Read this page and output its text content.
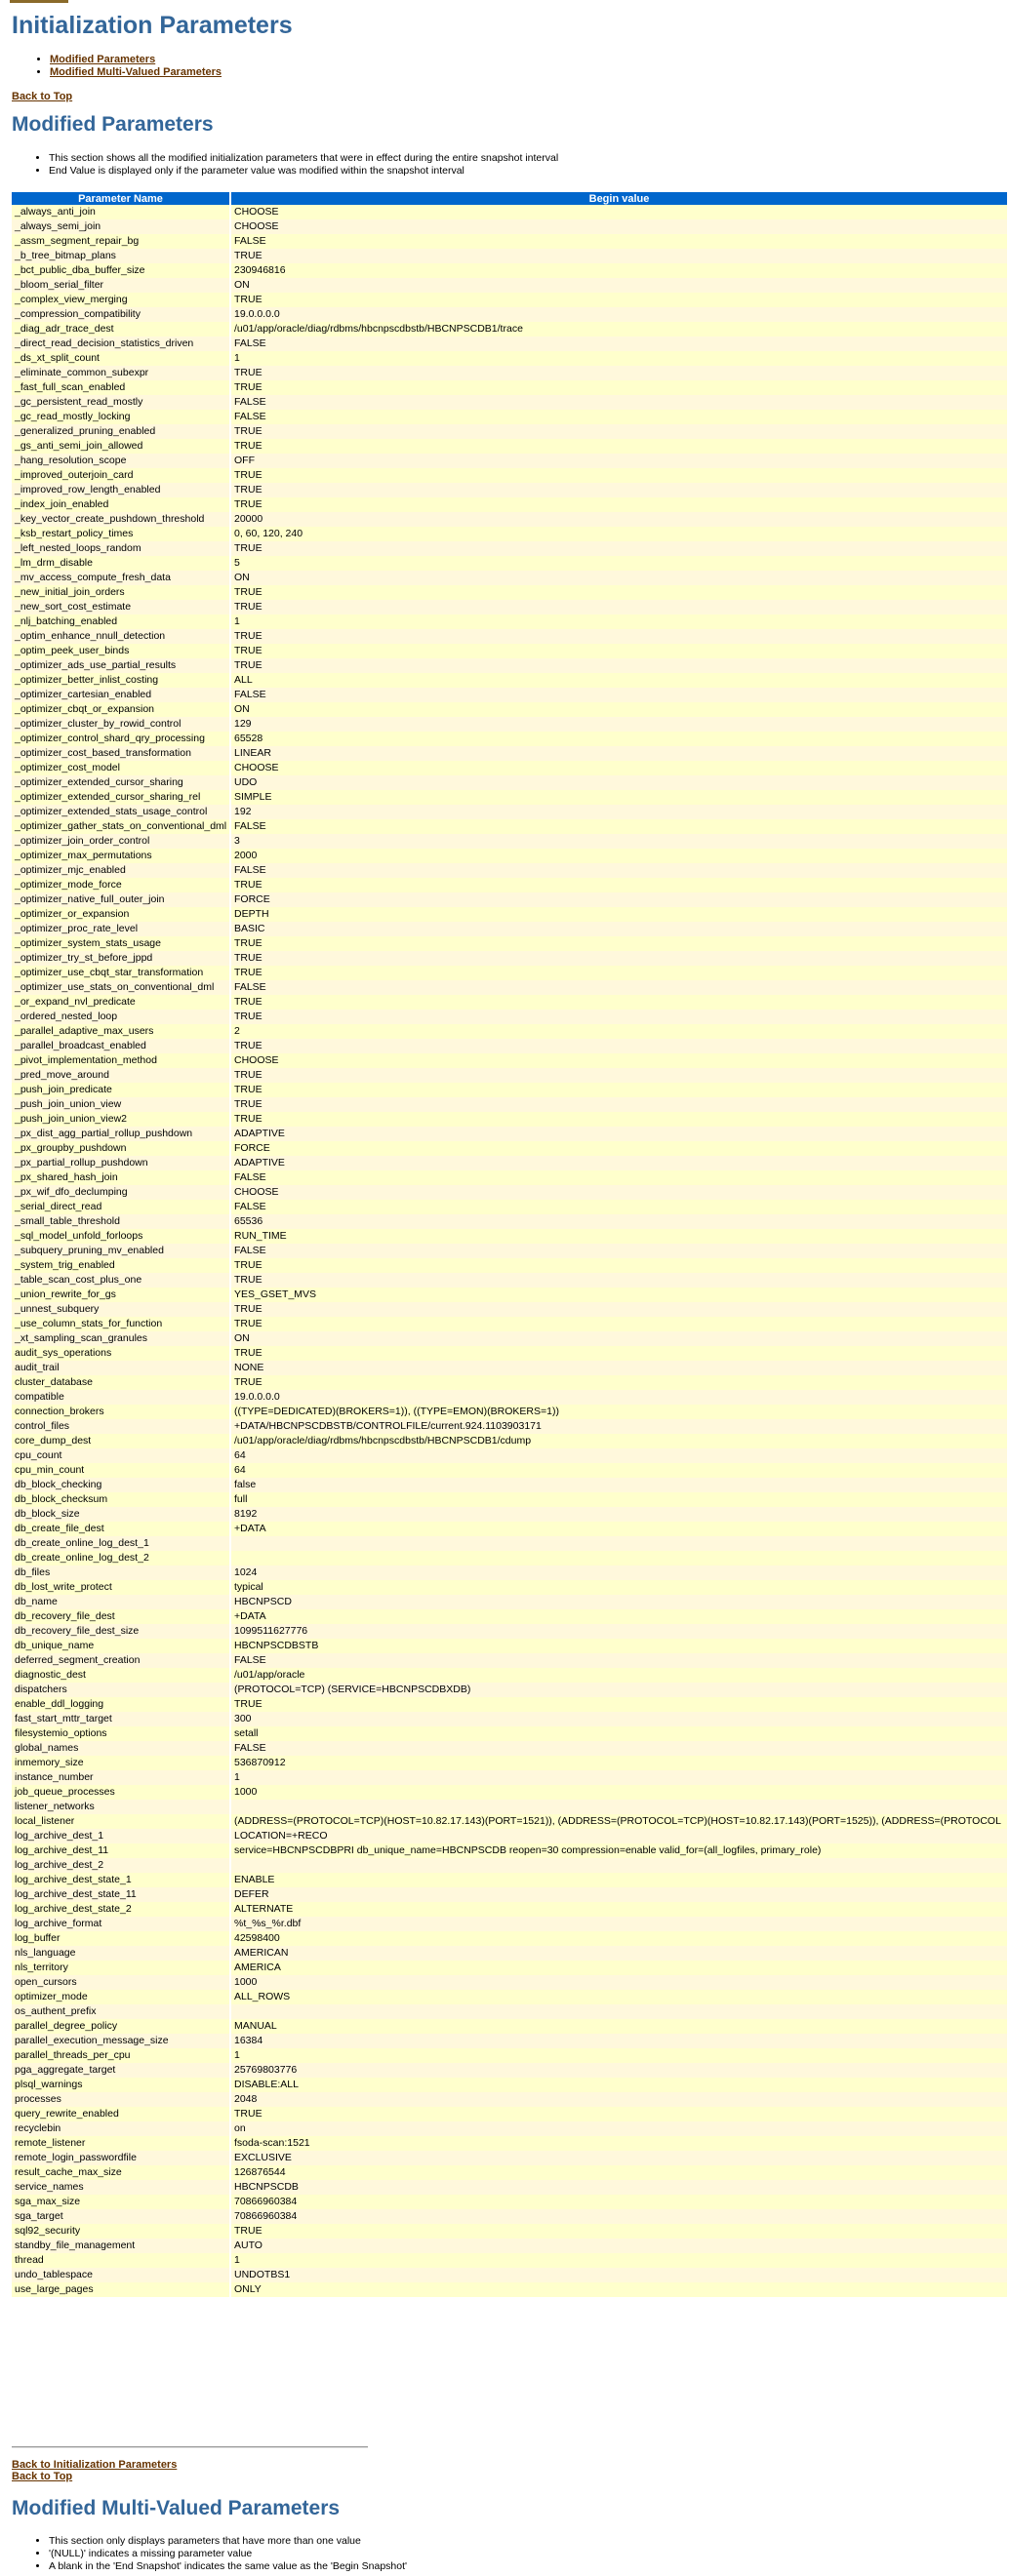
Initialization Parameters
• Modified Parameters
• Modified Multi-Valued Parameters
Back to Top
Modified Parameters
• This section shows all the modified initialization parameters that were in effect during the entire snapshot interval
• End Value is displayed only if the parameter value was modified within the snapshot interval
Parameter Name	Begin value
_always_anti_join	CHOOSE
_always_semi_join	CHOOSE
_assm_segment_repair_bg	FALSE
_b_tree_bitmap_plans	TRUE
_bct_public_dba_buffer_size	230946816
_bloom_serial_filter	ON
_complex_view_merging	TRUE
_compression_compatibility	19.0.0.0.0
_diag_adr_trace_dest	/u01/app/oracle/diag/rdbms/hbcnpscdbstb/HBCNPSCDB1/trace
_direct_read_decision_statistics_driven	FALSE
_ds_xt_split_count	1
_eliminate_common_subexpr	TRUE
_fast_full_scan_enabled	TRUE
_gc_persistent_read_mostly	FALSE
_gc_read_mostly_locking	FALSE
_generalized_pruning_enabled	TRUE
_gs_anti_semi_join_allowed	TRUE
_hang_resolution_scope	OFF
_improved_outerjoin_card	TRUE
_improved_row_length_enabled	TRUE
_index_join_enabled	TRUE
_key_vector_create_pushdown_threshold	20000
_ksb_restart_policy_times	0, 60, 120, 240
_left_nested_loops_random	TRUE
_lm_drm_disable	5
_mv_access_compute_fresh_data	ON
_new_initial_join_orders	TRUE
_new_sort_cost_estimate	TRUE
_nlj_batching_enabled	1
_optim_enhance_nnull_detection	TRUE
_optim_peek_user_binds	TRUE
_optimizer_ads_use_partial_results	TRUE
_optimizer_better_inlist_costing	ALL
_optimizer_cartesian_enabled	FALSE
_optimizer_cbqt_or_expansion	ON
_optimizer_cluster_by_rowid_control	129
_optimizer_control_shard_qry_processing	65528
_optimizer_cost_based_transformation	LINEAR
_optimizer_cost_model	CHOOSE
_optimizer_extended_cursor_sharing	UDO
_optimizer_extended_cursor_sharing_rel	SIMPLE
_optimizer_extended_stats_usage_control	192
_optimizer_gather_stats_on_conventional_dml	FALSE
_optimizer_join_order_control	3
_optimizer_max_permutations	2000
_optimizer_mjc_enabled	FALSE
_optimizer_mode_force	TRUE
_optimizer_native_full_outer_join	FORCE
_optimizer_or_expansion	DEPTH
_optimizer_proc_rate_level	BASIC
_optimizer_system_stats_usage	TRUE
_optimizer_try_st_before_jppd	TRUE
_optimizer_use_cbqt_star_transformation	TRUE
_optimizer_use_stats_on_conventional_dml	FALSE
_or_expand_nvl_predicate	TRUE
_ordered_nested_loop	TRUE
_parallel_adaptive_max_users	2
_parallel_broadcast_enabled	TRUE
_pivot_implementation_method	CHOOSE
_pred_move_around	TRUE
_push_join_predicate	TRUE
_push_join_union_view	TRUE
_push_join_union_view2	TRUE
_px_dist_agg_partial_rollup_pushdown	ADAPTIVE
_px_groupby_pushdown	FORCE
_px_partial_rollup_pushdown	ADAPTIVE
_px_shared_hash_join	FALSE
_px_wif_dfo_declumping	CHOOSE
_serial_direct_read	FALSE
_small_table_threshold	65536
_sql_model_unfold_forloops	RUN_TIME
_subquery_pruning_mv_enabled	FALSE
_system_trig_enabled	TRUE
_table_scan_cost_plus_one	TRUE
_union_rewrite_for_gs	YES_GSET_MVS
_unnest_subquery	TRUE
_use_column_stats_for_function	TRUE
_xt_sampling_scan_granules	ON
audit_sys_operations	TRUE
audit_trail	NONE
cluster_database	TRUE
compatible	19.0.0.0.0
connection_brokers	((TYPE=DEDICATED)(BROKERS=1)), ((TYPE=EMON)(BROKERS=1))
control_files	+DATA/HBCNPSCDBSTB/CONTROLFILE/current.924.1103903171
core_dump_dest	/u01/app/oracle/diag/rdbms/hbcnpscdbstb/HBCNPSCDB1/cdump
cpu_count	64
cpu_min_count	64
db_block_checking	false
db_block_checksum	full
db_block_size	8192
db_create_file_dest	+DATA
db_create_online_log_dest_1	
db_create_online_log_dest_2	
db_files	1024
db_lost_write_protect	typical
db_name	HBCNPSCD
db_recovery_file_dest	+DATA
db_recovery_file_dest_size	1099511627776
db_unique_name	HBCNPSCDBSTB
deferred_segment_creation	FALSE
diagnostic_dest	/u01/app/oracle
dispatchers	(PROTOCOL=TCP) (SERVICE=HBCNPSCDBXDB)
enable_ddl_logging	TRUE
fast_start_mttr_target	300
filesystemio_options	setall
global_names	FALSE
inmemory_size	536870912
instance_number	1
job_queue_processes	1000
listener_networks	
local_listener	(ADDRESS=(PROTOCOL=TCP)(HOST=10.82.17.143)(PORT=1521)), (ADDRESS=(PROTOCOL=TCP)(HOST=10.82.17.143)(PORT=1525)), (ADDRESS=(PROTOCOL
log_archive_dest_1	LOCATION=+RECO
log_archive_dest_11	service=HBCNPSCDBPRI db_unique_name=HBCNPSCDB reopen=30 compression=enable valid_for=(all_logfiles, primary_role)
log_archive_dest_2	
log_archive_dest_state_1	ENABLE
log_archive_dest_state_11	DEFER
log_archive_dest_state_2	ALTERNATE
log_archive_format	%t_%s_%r.dbf
log_buffer	42598400
nls_language	AMERICAN
nls_territory	AMERICA
open_cursors	1000
optimizer_mode	ALL_ROWS
os_authent_prefix	
parallel_degree_policy	MANUAL
parallel_execution_message_size	16384
parallel_threads_per_cpu	1
pga_aggregate_target	25769803776
plsql_warnings	DISABLE:ALL
processes	2048
query_rewrite_enabled	TRUE
recyclebin	on
remote_listener	fsoda-scan:1521
remote_login_passwordfile	EXCLUSIVE
result_cache_max_size	126876544
service_names	HBCNPSCDB
sga_max_size	70866960384
sga_target	70866960384
sql92_security	TRUE
standby_file_management	AUTO
thread	1
undo_tablespace	UNDOTBS1
use_large_pages	ONLY
Back to Initialization Parameters
Back to Top
Modified Multi-Valued Parameters
• This section only displays parameters that have more than one value
• '(NULL)' indicates a missing parameter value
• A blank in the 'End Snapshot' indicates the same value as the 'Begin Snapshot'
